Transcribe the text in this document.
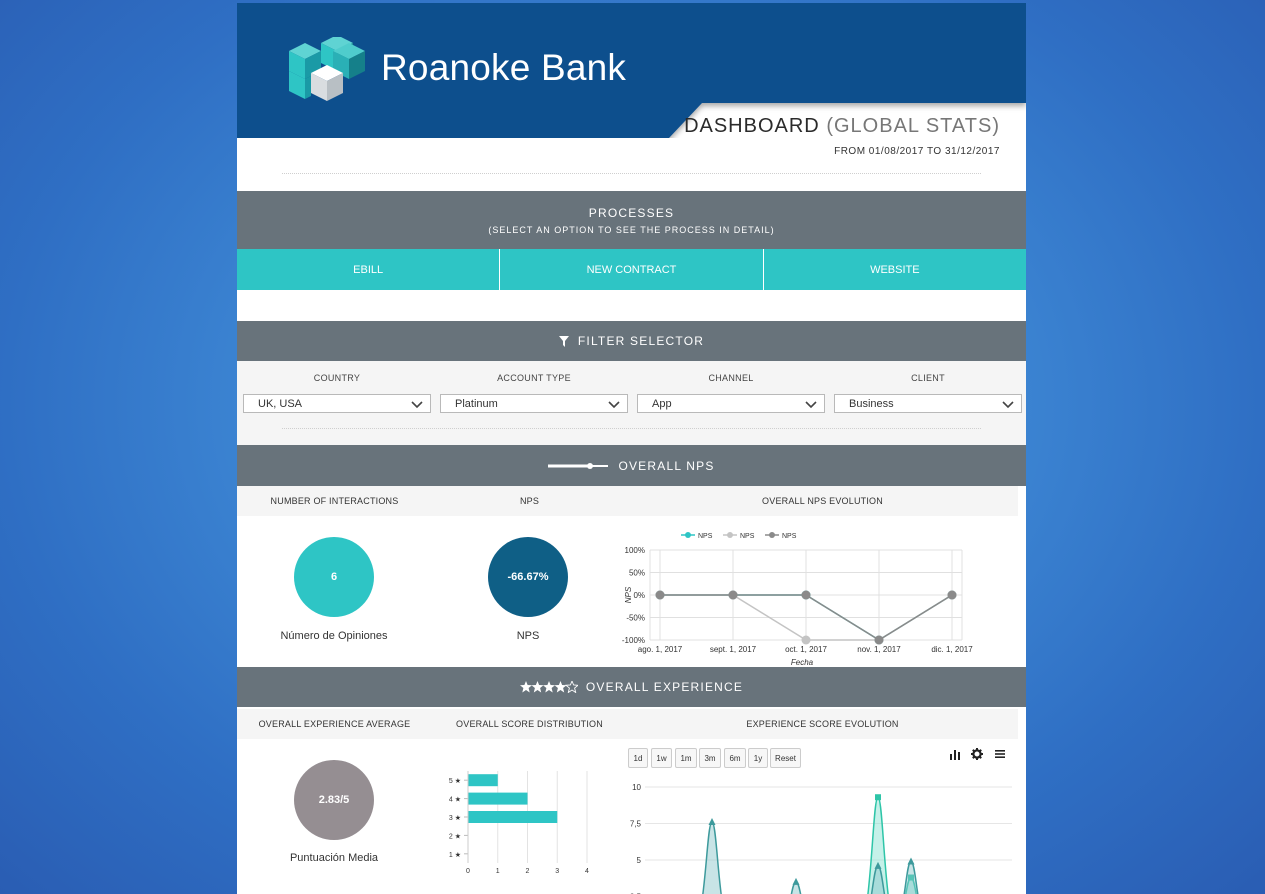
Roanoke Bank
DASHBOARD (GLOBAL STATS)
FROM 01/08/2017 TO 31/12/2017
PROCESSES
(SELECT AN OPTION TO SEE THE PROCESS IN DETAIL)
EBILL	NEW CONTRACT	WEBSITE
FILTER SELECTOR
COUNTRY
UK, USA
ACCOUNT TYPE
Platinum
CHANNEL
App
CLIENT
Business
OVERALL NPS
NUMBER OF INTERACTIONS	NPS	OVERALL NPS EVOLUTION
6
Número de Opiniones
-66.67%
NPS
NPS	NPS	NPS
100%
50%
0%
-50%
-100%
ago. 1, 2017	sept. 1, 2017	oct. 1, 2017	nov. 1, 2017	dic. 1, 2017
Fecha
NPS
OVERALL EXPERIENCE
OVERALL EXPERIENCE AVERAGE	OVERALL SCORE DISTRIBUTION	EXPERIENCE SCORE EVOLUTION
2.83/5
Puntuación Media
0	1	2	3	4
5 ★
4 ★
3 ★
2 ★
1 ★
1d	1w	1m	3m	6m	1y	Reset
10
7,5
5
